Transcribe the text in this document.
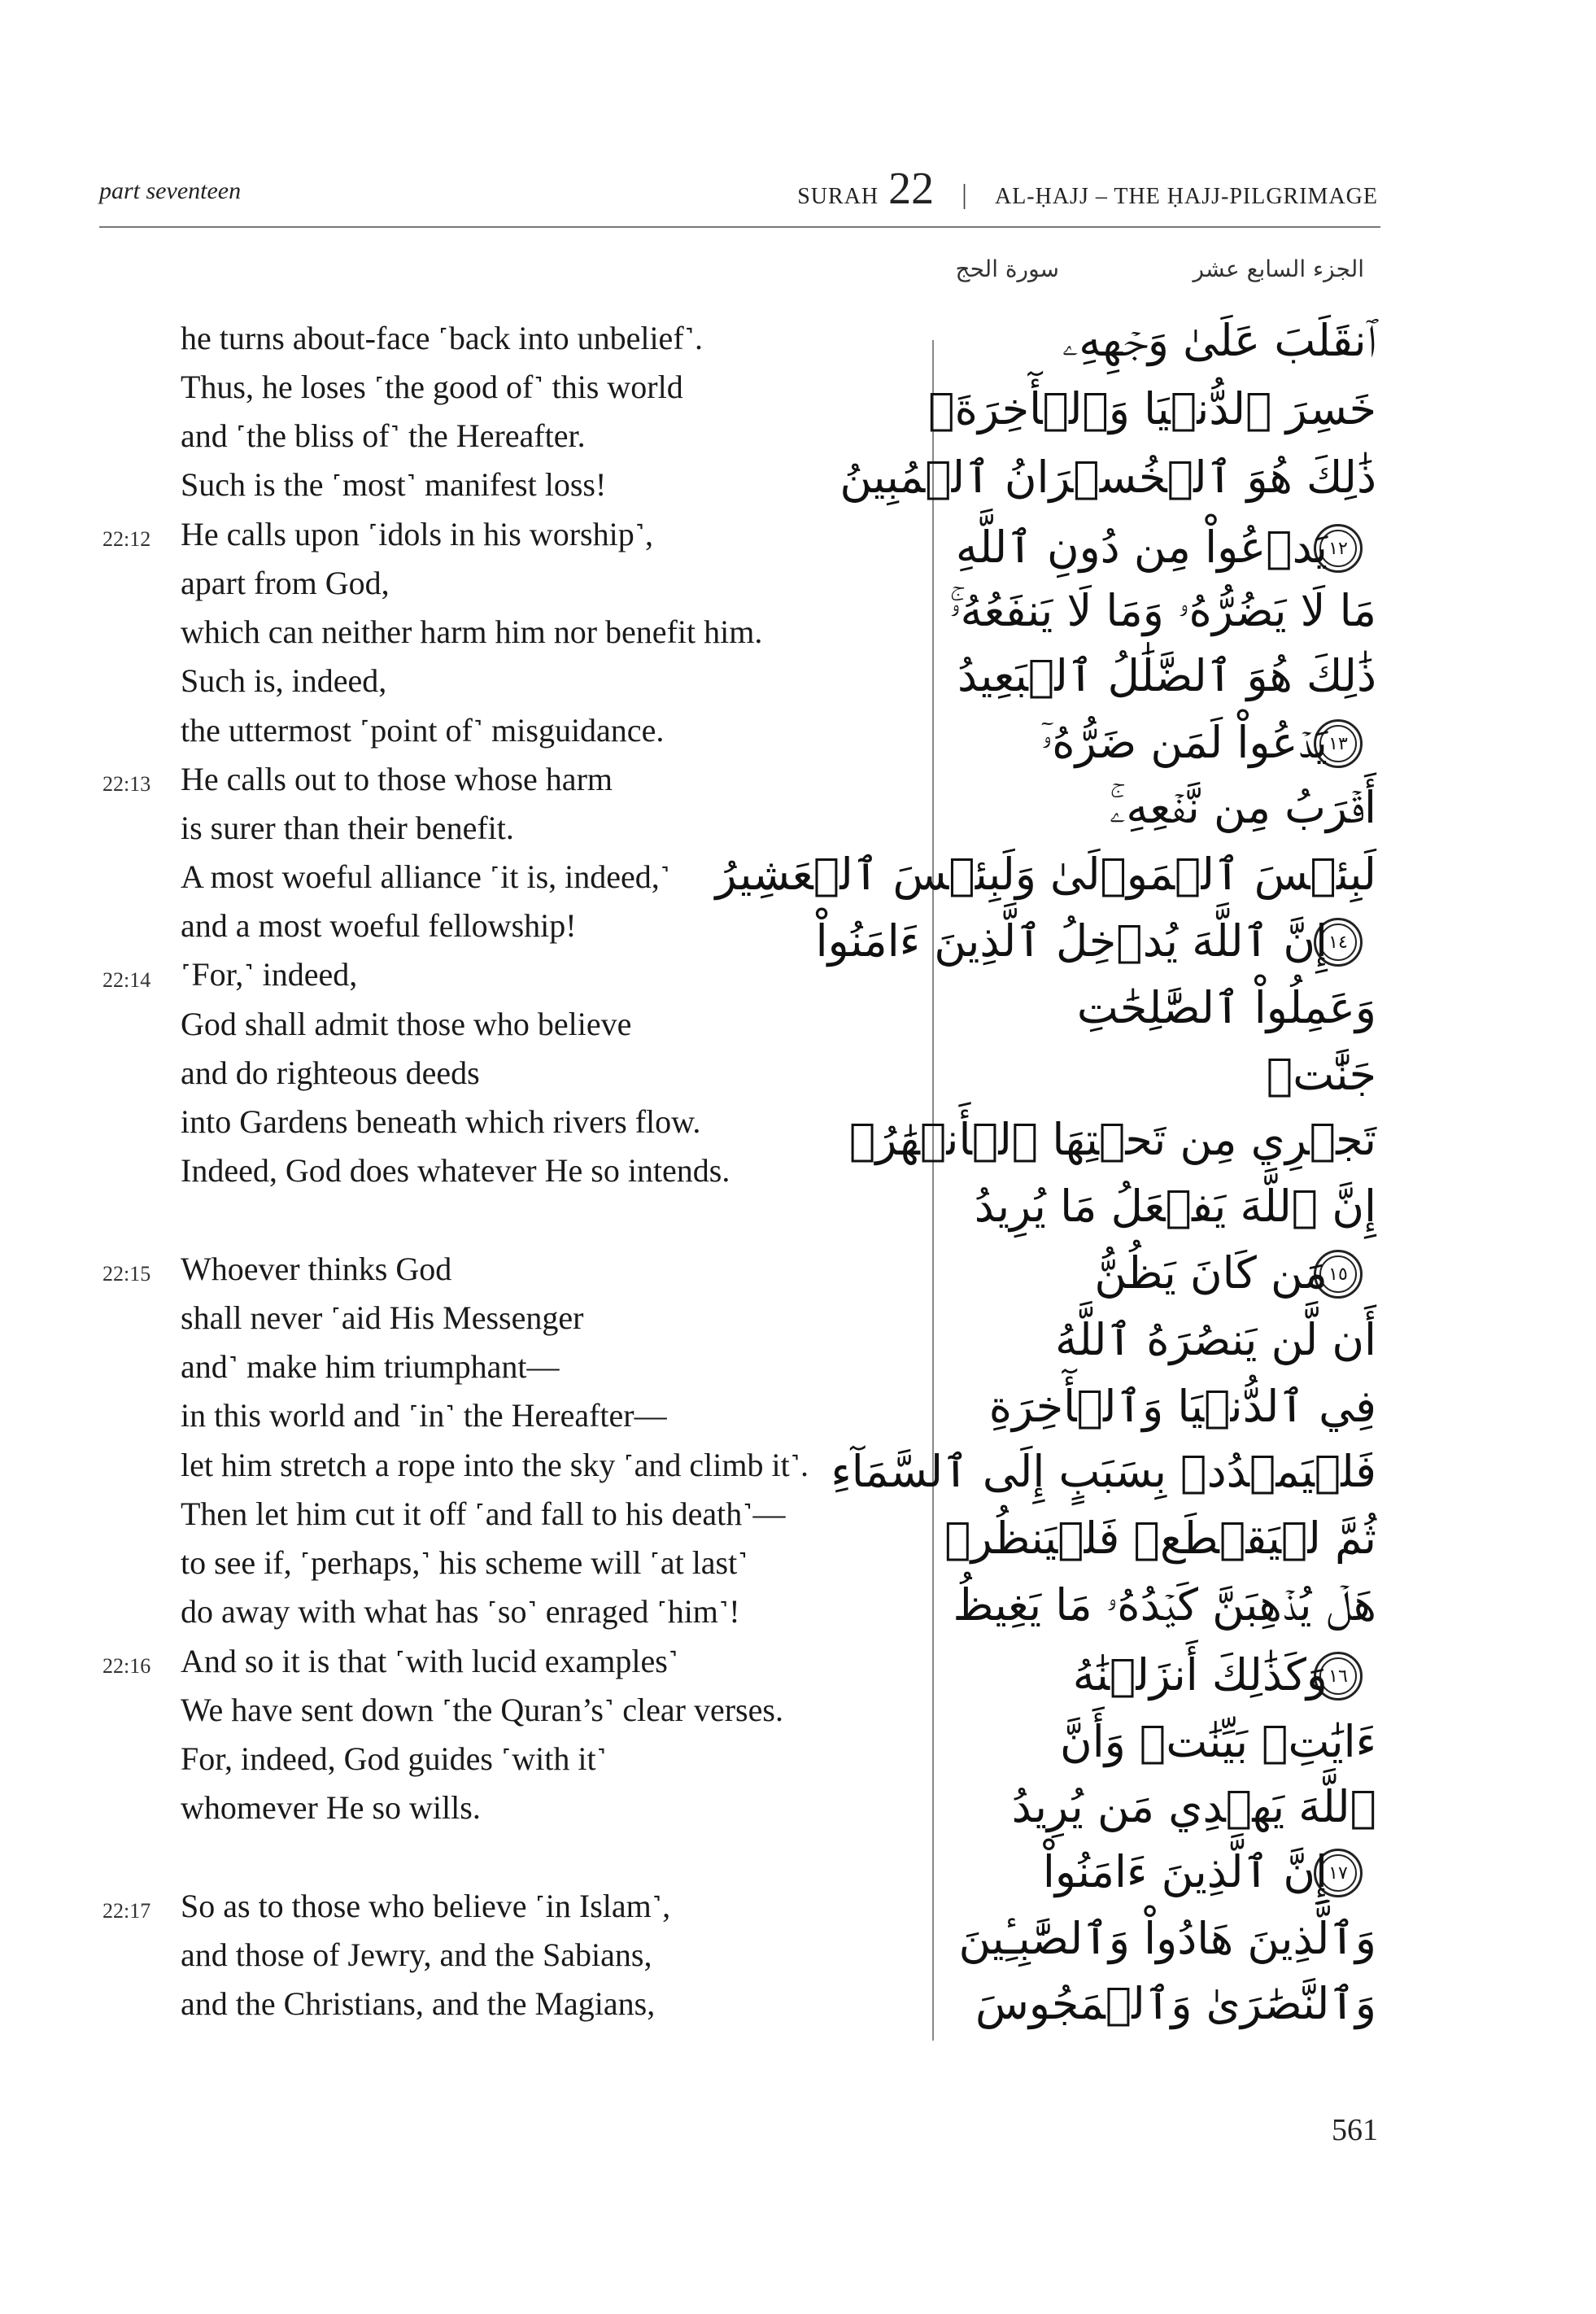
part seventeen	SURAH 22 | AL-ḤAJJ – THE ḤAJJ-PILGRIMAGE
الجزء السابع عشر
سورة الحج
he turns about-face ˹back into unbelief˺.
Thus, he loses ˹the good of˺ this world
and ˹the bliss of˺ the Hereafter.
Such is the ˹most˺ manifest loss!
22:12 He calls upon ˹idols in his worship˺,
apart from God,
which can neither harm him nor benefit him.
Such is, indeed,
the uttermost ˹point of˺ misguidance.
22:13 He calls out to those whose harm
is surer than their benefit.
A most woeful alliance ˹it is, indeed,˺
and a most woeful fellowship!
22:14 ˹For,˺ indeed,
God shall admit those who believe
and do righteous deeds
into Gardens beneath which rivers flow.
Indeed, God does whatever He so intends.
22:15 Whoever thinks God
shall never ˹aid His Messenger
and˺ make him triumphant—
in this world and ˹in˺ the Hereafter—
let him stretch a rope into the sky ˹and climb it˺.
Then let him cut it off ˹and fall to his death˺—
to see if, ˹perhaps,˺ his scheme will ˹at last˺
do away with what has ˹so˺ enraged ˹him˺!
22:16 And so it is that ˹with lucid examples˺
We have sent down ˹the Quran’s˺ clear verses.
For, indeed, God guides ˹with it˺
whomever He so wills.
22:17 So as to those who believe ˹in Islam˺,
and those of Jewry, and the Sabians,
and the Christians, and the Magians,
ٱنقَلَبَ عَلَىٰ وَجۡهِهِۦ
خَسِرَ ٱلدُّنۡيَا وَٱلۡأٓخِرَةَۚ
ذَٰلِكَ هُوَ ٱلۡخُسۡرَانُ ٱلۡمُبِينُ
١٢
يَدۡعُواْ مِن دُونِ ٱللَّهِ
مَا لَا يَضُرُّهُۥ وَمَا لَا يَنفَعُهُۥۚ
ذَٰلِكَ هُوَ ٱلضَّلَٰلُ ٱلۡبَعِيدُ
١٣
يَدۡعُواْ لَمَن ضَرُّهُۥٓ
أَقۡرَبُ مِن نَّفۡعِهِۦۚ
لَبِئۡسَ ٱلۡمَوۡلَىٰ وَلَبِئۡسَ ٱلۡعَشِيرُ
١٤
إِنَّ ٱللَّهَ يُدۡخِلُ ٱلَّذِينَ ءَامَنُواْ
وَعَمِلُواْ ٱلصَّٰلِحَٰتِ
جَنَّٰتٖ
تَجۡرِي مِن تَحۡتِهَا ٱلۡأَنۡهَٰرُۚ
إِنَّ ٱللَّهَ يَفۡعَلُ مَا يُرِيدُ
١٥
مَن كَانَ يَظُنُّ
أَن لَّن يَنصُرَهُ ٱللَّهُ
فِي ٱلدُّنۡيَا وَٱلۡأٓخِرَةِ
فَلۡيَمۡدُدۡ بِسَبَبٍ إِلَى ٱلسَّمَآءِ
ثُمَّ لۡيَقۡطَعۡ فَلۡيَنظُرۡ
هَلۡ يُذۡهِبَنَّ كَيۡدُهُۥ مَا يَغِيظُ
١٦
وَكَذَٰلِكَ أَنزَلۡنَٰهُ
ءَايَٰتِۭ بَيِّنَٰتٖ وَأَنَّ
ٱللَّهَ يَهۡدِي مَن يُرِيدُ
١٧
إِنَّ ٱلَّذِينَ ءَامَنُواْ
وَٱلَّذِينَ هَادُواْ وَٱلصَّٰبِـِٔينَ
وَٱلنَّصَٰرَىٰ وَٱلۡمَجُوسَ
561
